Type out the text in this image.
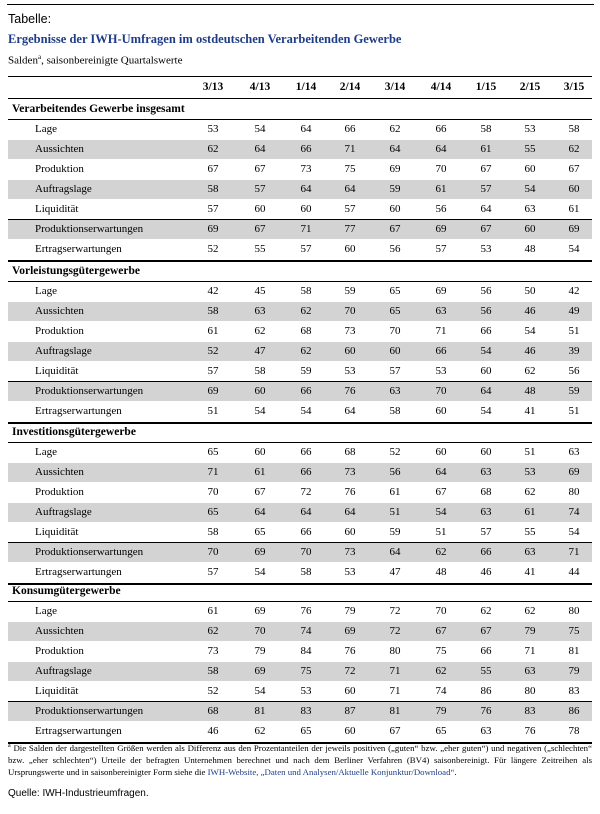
Tabelle:
Ergebnisse der IWH-Umfragen im ostdeutschen Verarbeitenden Gewerbe
Salden$^a$, saisonbereinigte Quartalswerte
3/13	4/13	1/14	2/14	3/14	4/14	1/15	2/15	3/15
Verarbeitendes Gewerbe insgesamt
Lage	53	54	64	66	62	66	58	53	58
Aussichten	62	64	66	71	64	64	61	55	62
Produktion	67	67	73	75	69	70	67	60	67
Auftragslage	58	57	64	64	59	61	57	54	60
Liquidität	57	60	60	57	60	56	64	63	61
Produktionserwartungen	69	67	71	77	67	69	67	60	69
Ertragserwartungen	52	55	57	60	56	57	53	48	54
Vorleistungsgütergewerbe
Lage	42	45	58	59	65	69	56	50	42
Aussichten	58	63	62	70	65	63	56	46	49
Produktion	61	62	68	73	70	71	66	54	51
Auftragslage	52	47	62	60	60	66	54	46	39
Liquidität	57	58	59	53	57	53	60	62	56
Produktionserwartungen	69	60	66	76	63	70	64	48	59
Ertragserwartungen	51	54	54	64	58	60	54	41	51
Investitionsgütergewerbe
Lage	65	60	66	68	52	60	60	51	63
Aussichten	71	61	66	73	56	64	63	53	69
Produktion	70	67	72	76	61	67	68	62	80
Auftragslage	65	64	64	64	51	54	63	61	74
Liquidität	58	65	66	60	59	51	57	55	54
Produktionserwartungen	70	69	70	73	64	62	66	63	71
Ertragserwartungen	57	54	58	53	47	48	46	41	44
Konsumgütergewerbe
Lage	61	69	76	79	72	70	62	62	80
Aussichten	62	70	74	69	72	67	67	79	75
Produktion	73	79	84	76	80	75	66	71	81
Auftragslage	58	69	75	72	71	62	55	63	79
Liquidität	52	54	53	60	71	74	86	80	83
Produktionserwartungen	68	81	83	87	81	79	76	83	86
Ertragserwartungen	46	62	65	60	67	65	63	76	78
$^a$ Die Salden der dargestellten Größen werden als Differenz aus den Prozentanteilen der jeweils positiven („guten“ bzw. „eher guten“) und negativen („schlechten“ bzw. „eher schlechten“) Urteile der befragten Unternehmen berechnet und nach dem Berliner Verfahren (BV4) saisonbereinigt. Für längere Zeitreihen als Ursprungswerte und in saisonbereinigter Form siehe die IWH-Website, „Daten und Analysen/Aktuelle Konjunktur/Download“.
Quelle: IWH-Industrieumfragen.
